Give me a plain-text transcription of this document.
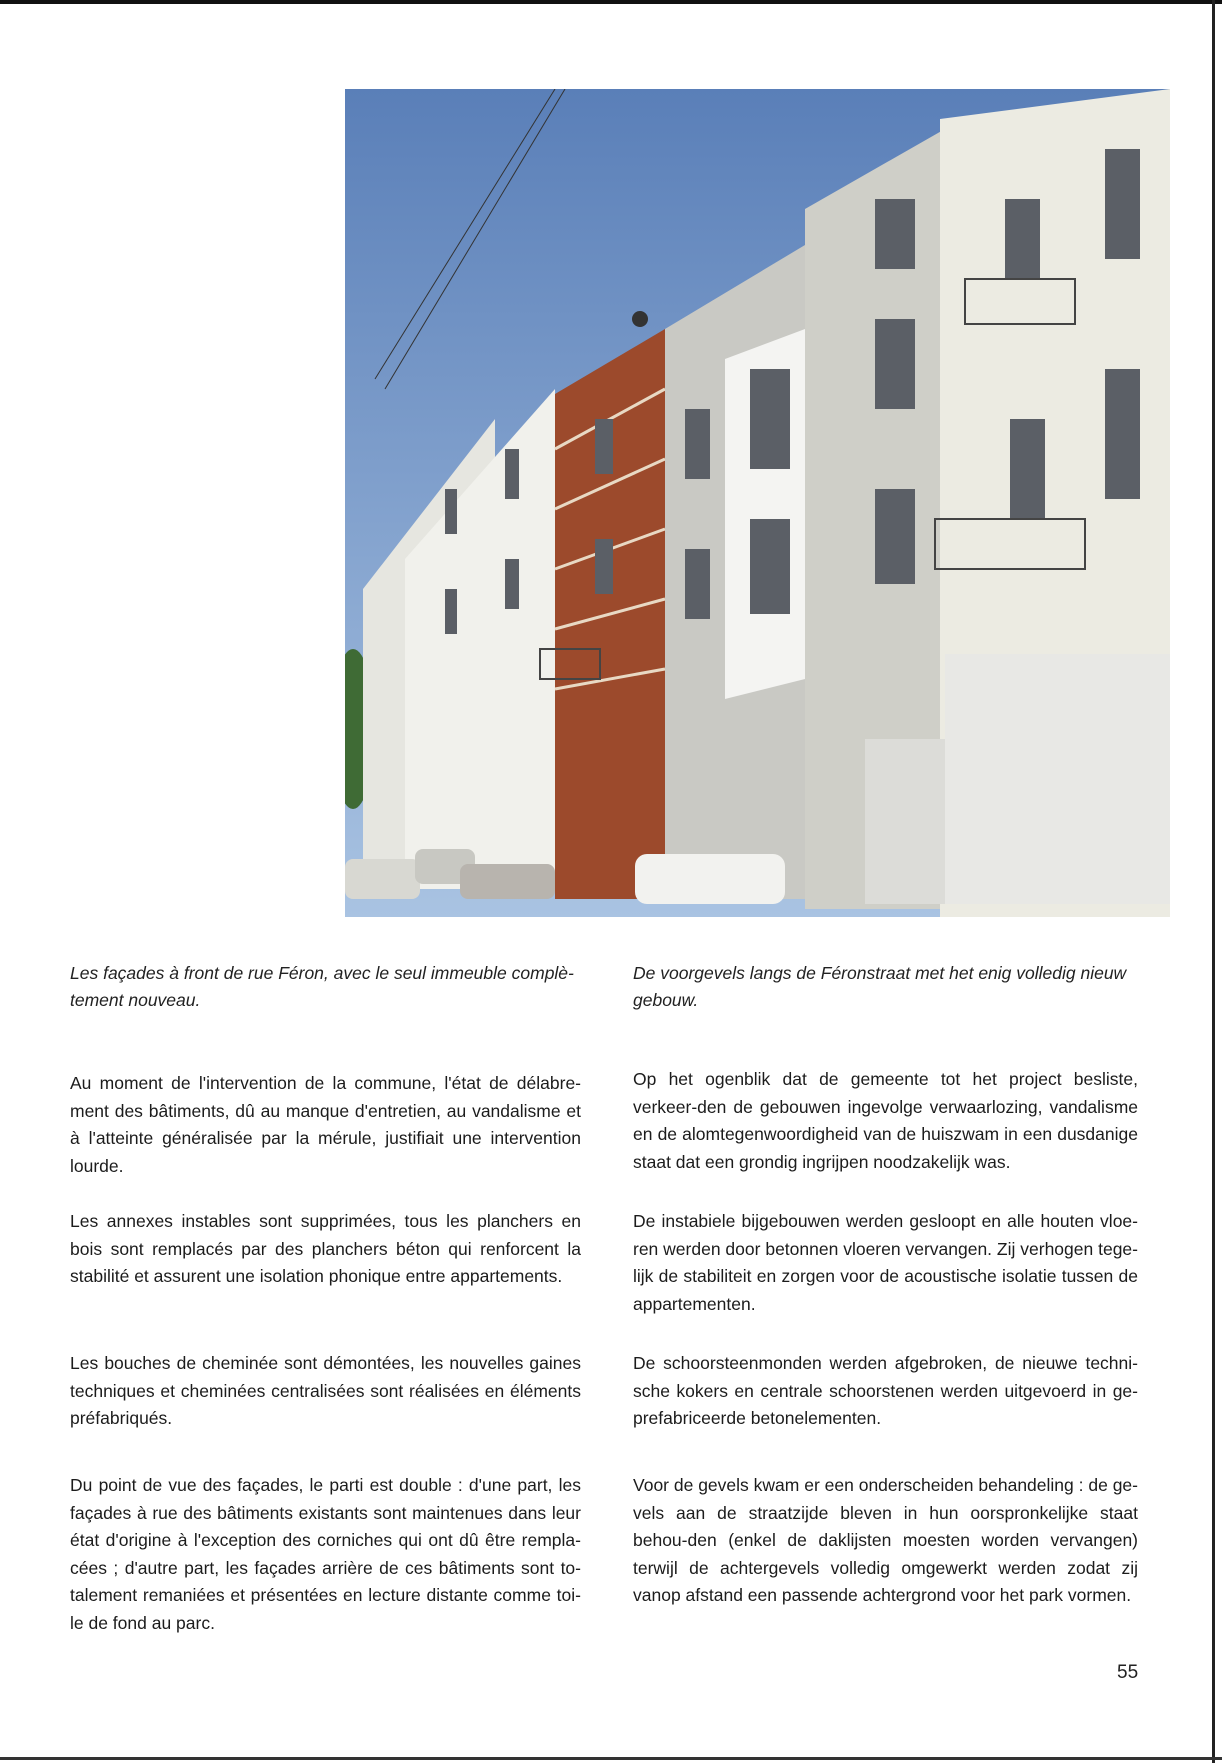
Les façades à front de rue Féron, avec le seul immeuble complè-tement nouveau.
De voorgevels langs de Féronstraat met het enig volledig nieuw gebouw.
Au moment de l'intervention de la commune, l'état de délabre-ment des bâtiments, dû au manque d'entretien, au vandalisme et à l'atteinte généralisée par la mérule, justifiait une intervention lourde.
Les annexes instables sont supprimées, tous les planchers en bois sont remplacés par des planchers béton qui renforcent la stabilité et assurent une isolation phonique entre appartements.
Les bouches de cheminée sont démontées, les nouvelles gaines techniques et cheminées centralisées sont réalisées en éléments préfabriqués.
Du point de vue des façades, le parti est double : d'une part, les façades à rue des bâtiments existants sont maintenues dans leur état d'origine à l'exception des corniches qui ont dû être rempla-cées ; d'autre part, les façades arrière de ces bâtiments sont to-talement remaniées et présentées en lecture distante comme toi-le de fond au parc.
Op het ogenblik dat de gemeente tot het project besliste, verkeer-den de gebouwen ingevolge verwaarlozing, vandalisme en de alomtegenwoordigheid van de huiszwam in een dusdanige staat dat een grondig ingrijpen noodzakelijk was.
De instabiele bijgebouwen werden gesloopt en alle houten vloe-ren werden door betonnen vloeren vervangen. Zij verhogen tege-lijk de stabiliteit en zorgen voor de acoustische isolatie tussen de appartementen.
De schoorsteenmonden werden afgebroken, de nieuwe techni-sche kokers en centrale schoorstenen werden uitgevoerd in ge-prefabriceerde betonelementen.
Voor de gevels kwam er een onderscheiden behandeling : de ge-vels aan de straatzijde bleven in hun oorspronkelijke staat behou-den (enkel de daklijsten moesten worden vervangen) terwijl de achtergevels volledig omgewerkt werden zodat zij vanop afstand een passende achtergrond voor het park vormen.
55
